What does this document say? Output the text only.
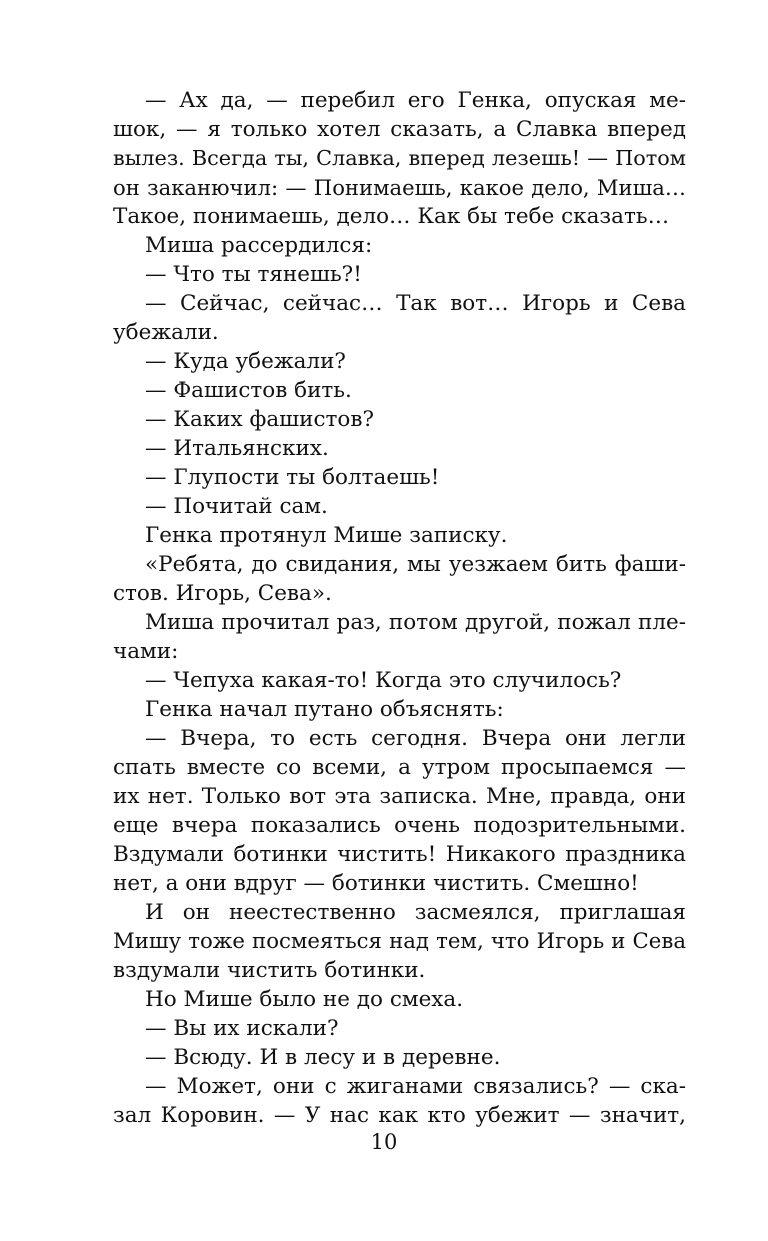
— Ах да, — перебил его Генка, опуская ме-
шок, — я только хотел сказать, а Славка вперед
вылез. Всегда ты, Славка, вперед лезешь! — Потом
он заканючил: — Понимаешь, какое дело, Миша…
Такое, понимаешь, дело… Как бы тебе сказать…
Миша рассердился:
— Что ты тянешь?!
— Сейчас, сейчас… Так вот… Игорь и Сева
убежали.
— Куда убежали?
— Фашистов бить.
— Каких фашистов?
— Итальянских.
— Глупости ты болтаешь!
— Почитай сам.
Генка протянул Мише записку.
«Ребята, до свидания, мы уезжаем бить фаши-
стов. Игорь, Сева».
Миша прочитал раз, потом другой, пожал пле-
чами:
— Чепуха какая-то! Когда это случилось?
Генка начал путано объяснять:
— Вчера, то есть сегодня. Вчера они легли
спать вместе со всеми, а утром просыпаемся —
их нет. Только вот эта записка. Мне, правда, они
еще вчера показались очень подозрительными.
Вздумали ботинки чистить! Никакого праздника
нет, а они вдруг — ботинки чистить. Смешно!
И он неестественно засмеялся, приглашая
Мишу тоже посмеяться над тем, что Игорь и Сева
вздумали чистить ботинки.
Но Мише было не до смеха.
— Вы их искали?
— Всюду. И в лесу и в деревне.
— Может, они с жиганами связались? — ска-
зал Коровин. — У нас как кто убежит — значит,
10
